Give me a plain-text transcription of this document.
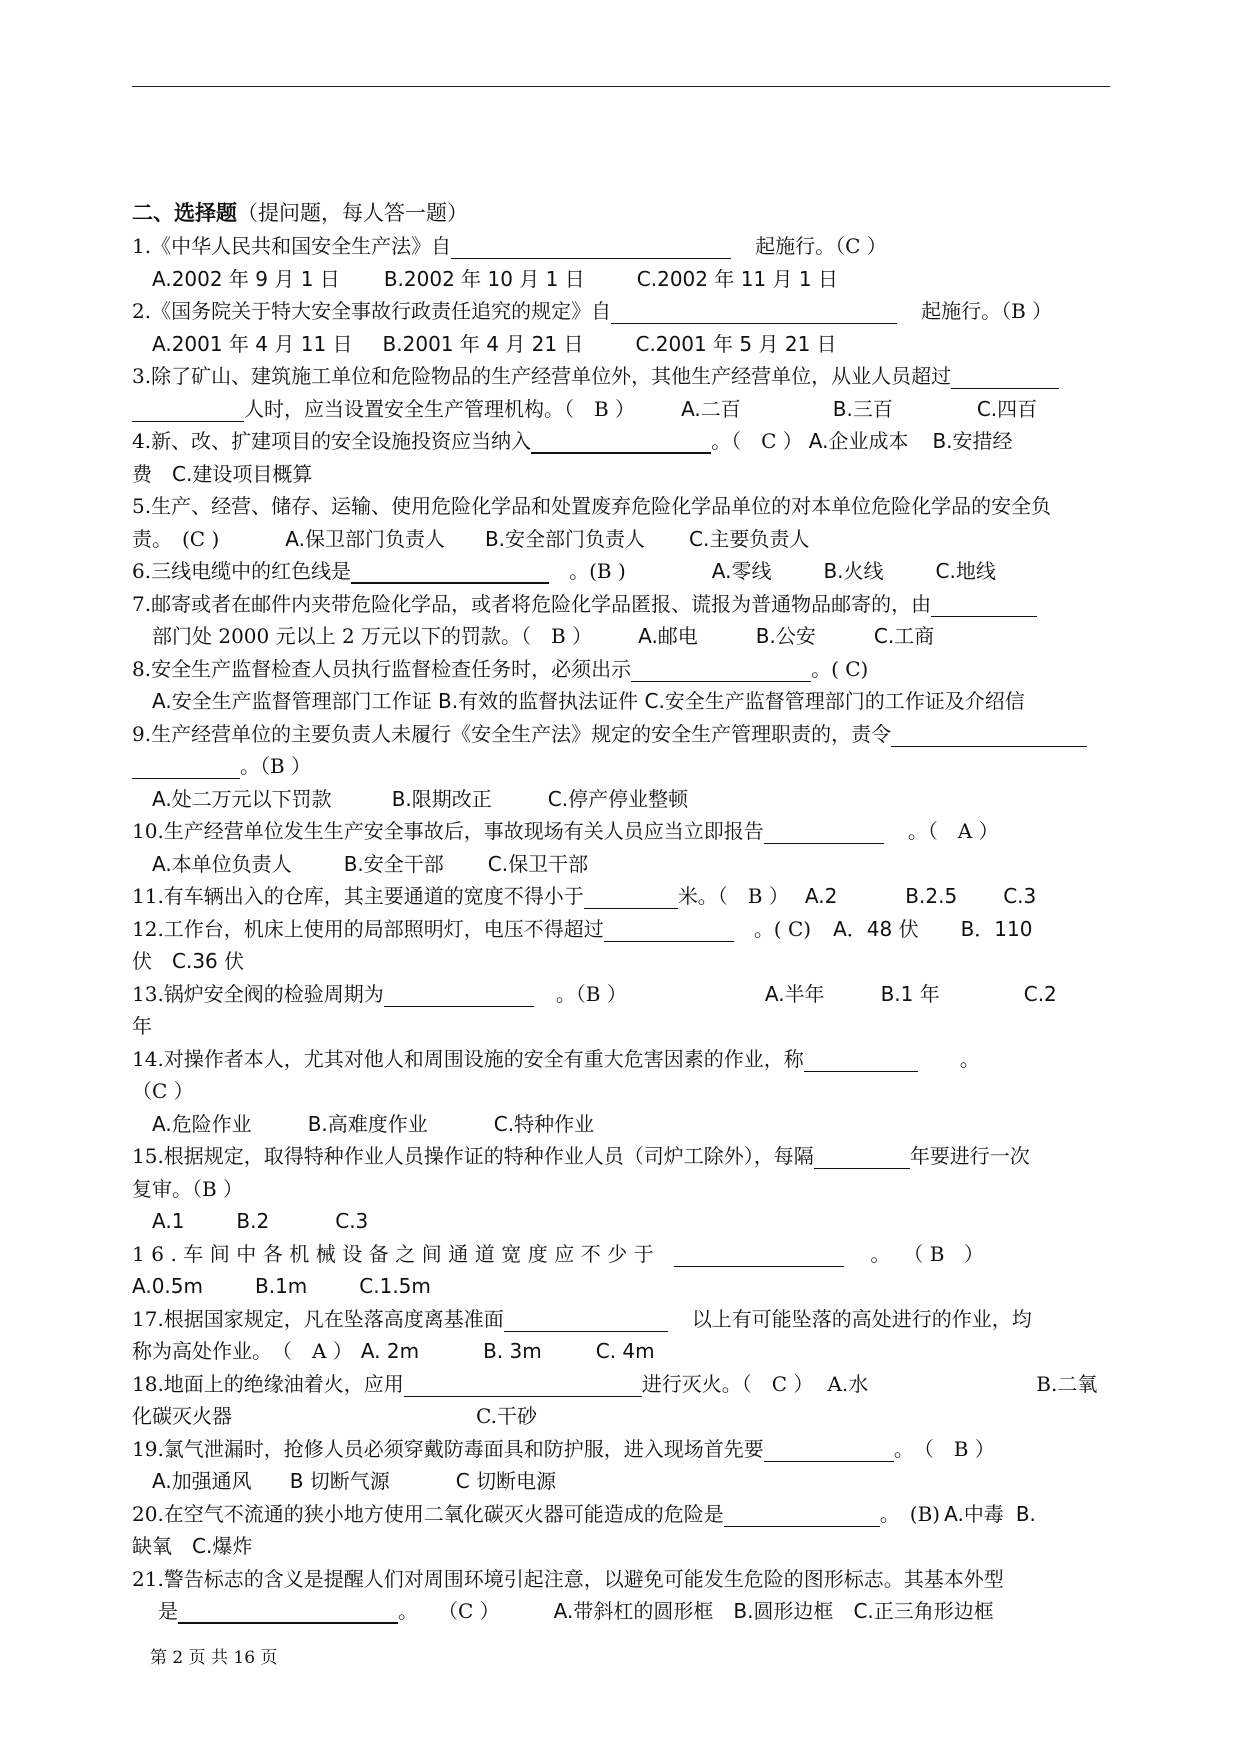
二、选择题（提问题，每人答一题）
1.《中华人民共和国安全生产法》自	起施行。（C ）
A.2002 年 9 月 1 日 B.2002 年 10 月 1 日	C.2002 年 11 月 1 日
2.《国务院关于特大安全事故行政责任追究的规定》自	起施行。（B ）
A.2001 年 4 月 11 日 B.2001 年 4 月 21 日	C.2001 年 5 月 21 日
3.除了矿山、建筑施工单位和危险物品的生产经营单位外，其他生产经营单位，从业人员超过
人时，应当设置安全生产管理机构。（　B ） A.二百	B.三百	C.四百
4.新、改、扩建项目的安全设施投资应当纳入	。（　C ） A.企业成本 B.安措经
费　C.建设项目概算
5.生产、经营、储存、运输、使用危险化学品和处置废弃危险化学品单位的对本单位危险化学品的安全负
责。　(C )	A.保卫部门负责人 B.安全部门负责人 C.主要负责人
6.三线电缆中的红色线是	。(B )	A.零线	B.火线	C.地线
7.邮寄或者在邮件内夹带危险化学品，或者将危险化学品匿报、谎报为普通物品邮寄的，由
部门处 2000 元以上 2 万元以下的罚款。（　B ） A.邮电	B.公安	C.工商
8.安全生产监督检查人员执行监督检查任务时，必须出示	。( C)
A.安全生产监督管理部门工作证 B.有效的监督执法证件 C.安全生产监督管理部门的工作证及介绍信
9.生产经营单位的主要负责人未履行《安全生产法》规定的安全生产管理职责的，责令
。（B ）
A.处二万元以下罚款	B.限期改正	C.停产停业整顿
10.生产经营单位发生生产安全事故后，事故现场有关人员应当立即报告	。（　A ）
A.本单位负责人	B.安全干部 C.保卫干部
11.有车辆出入的仓库，其主要通道的宽度不得小于	米。（　B ） A.2	B.2.5 C.3
12.工作台，机床上使用的局部照明灯，电压不得超过	。( C) A．48 伏 B．110
伏　C.36 伏
13.锅炉安全阀的检验周期为	。（B ）	A.半年	B.1 年	C.2
年
14.对操作者本人，尤其对他人和周围设施的安全有重大危害因素的作业，称	。
（C ）
A.危险作业	B.高难度作业	C.特种作业
15.根据规定，取得特种作业人员操作证的特种作业人员（司炉工除外），每隔	年要进行一次
复审。（B ）
A.1	B.2	C.3
16.车间中各机械设备之间通道宽度应不少于	。　（B ）
A.0.5m	B.1m	C.1.5m
17.根据国家规定，凡在坠落高度离基准面	以上有可能坠落的高处进行的作业，均
称为高处作业。　（　A ） A. 2m	B. 3m	C. 4m
18.地面上的绝缘油着火，应用	进行灭火。（　C ） A.水	B.二氧
化碳灭火器	C.干砂
19.氯气泄漏时，抢修人员必须穿戴防毒面具和防护服，进入现场首先要	。　（　B ）
A.加强通风 B 切断气源	C 切断电源
20.在空气不流通的狭小地方使用二氧化碳灭火器可能造成的危险是	。　(B) A.中毒 B.
缺氧　C.爆炸
21.警告标志的含义是提醒人们对周围环境引起注意，以避免可能发生危险的图形标志。其基本外型
是	。　　（C ）	A.带斜杠的圆形框 B.圆形边框 C.正三角形边框
第 2 页 共 16 页
